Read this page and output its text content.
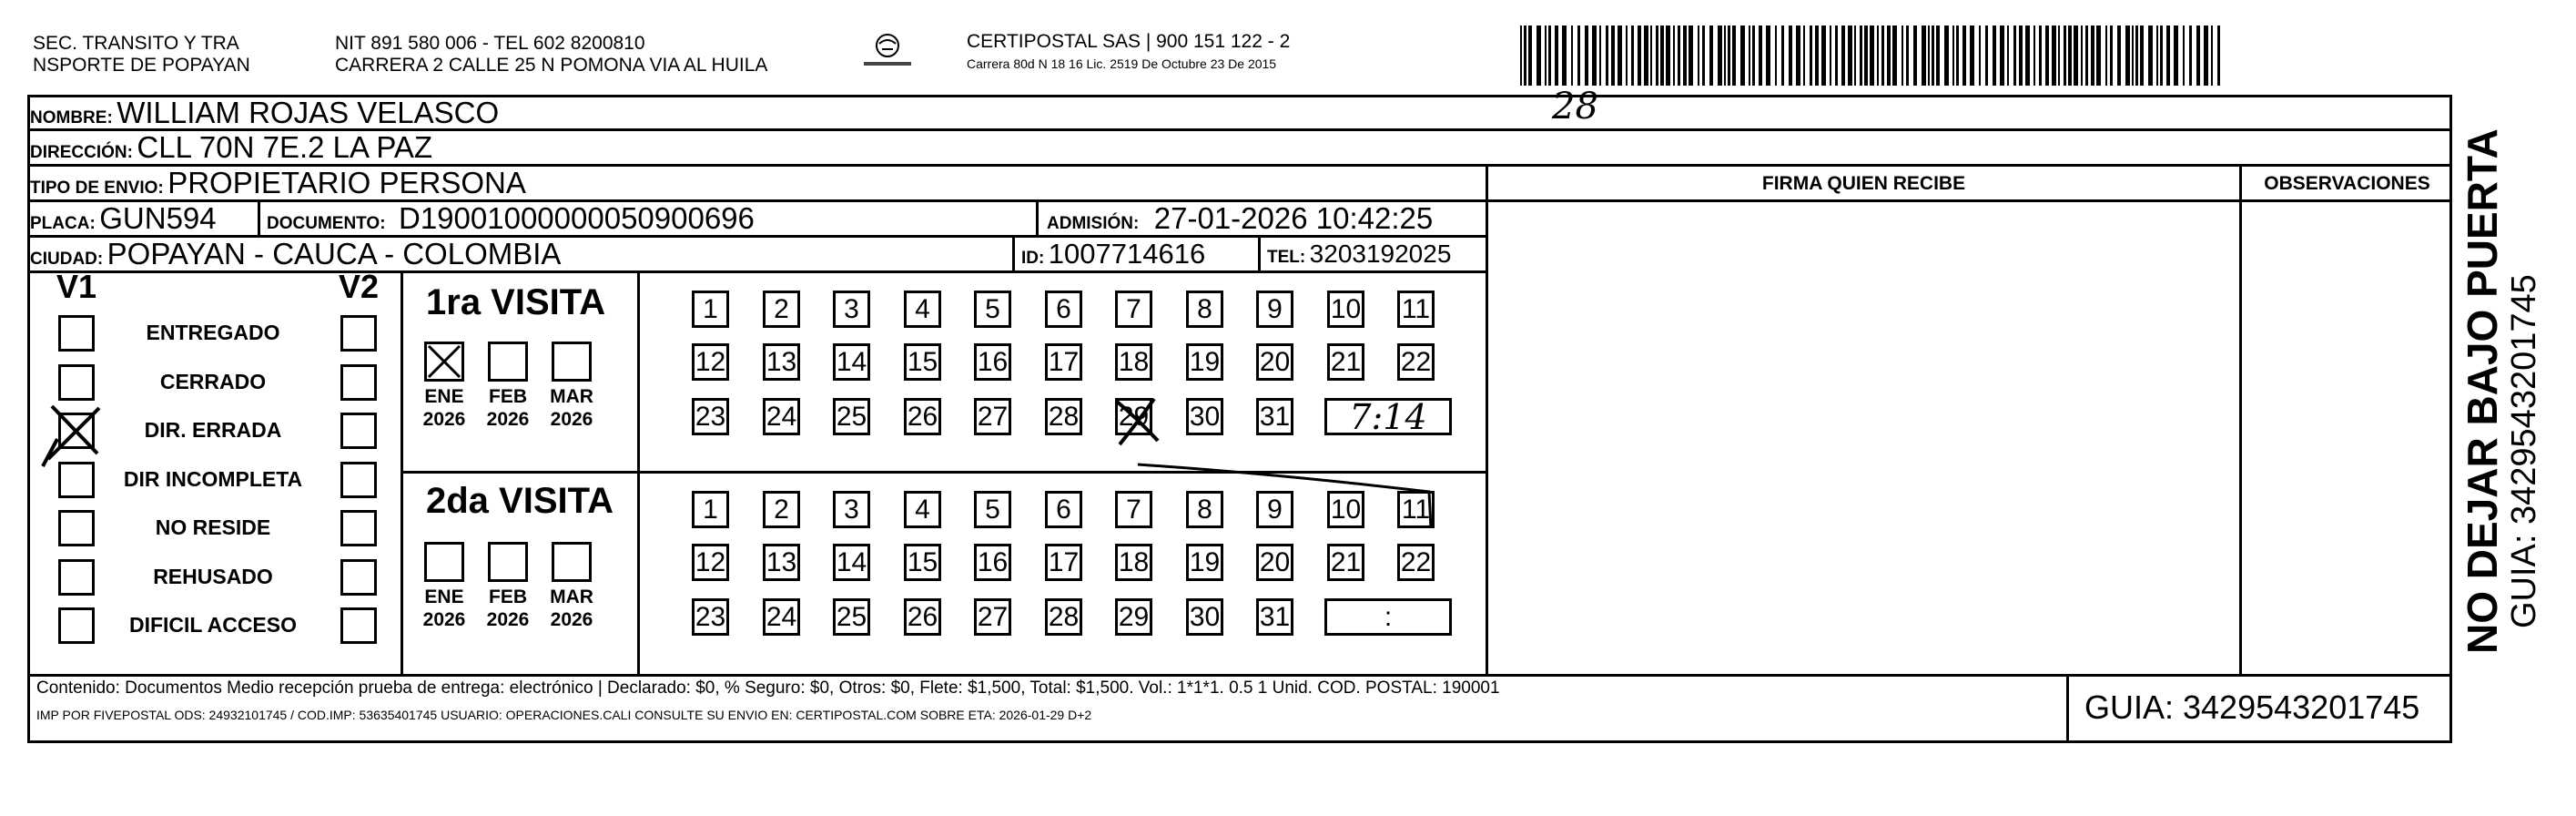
SEC. TRANSITO Y TRA
NSPORTE DE POPAYAN
NIT 891 580 006 - TEL 602 8200810
CARRERA 2 CALLE 25 N POMONA VIA AL HUILA
CERTIPOSTAL SAS | 900 151 122 - 2
Carrera 80d N 18 16 Lic. 2519 De Octubre 23 De 2015
28
NOMBRE: WILLIAM ROJAS VELASCO
DIRECCIÓN: CLL 70N 7E.2 LA PAZ
TIPO DE ENVIO: PROPIETARIO PERSONA	FIRMA QUIEN RECIBE	OBSERVACIONES
PLACA: GUN594	DOCUMENTO: D19001000000050900696	ADMISIÓN: 27-01-2026 10:42:25
CIUDAD: POPAYAN - CAUCA - COLOMBIA	ID: 1007714616	TEL: 3203192025
V1	V2
ENTREGADO
CERRADO
DIR. ERRADA
DIR INCOMPLETA
NO RESIDE
REHUSADO
DIFICIL ACCESO
1ra VISITA
2da VISITA
ENE
2026
FEB
2026
MAR
2026
1	2	3	4	5	6	7	8	9	10 11
12 13 14 15 16 17 18 19 20 21 22
23 24 25 26 27 28 29 30 31	7:14
ENE
2026
FEB
2026
MAR
2026
1	2	3	4	5	6	7	8	9	10 11
12 13 14 15 16 17 18 19 20 21 22
23 24 25 26 27 28 29 30 31	:
Contenido: Documentos Medio recepción prueba de entrega: electrónico | Declarado: $0, % Seguro: $0, Otros: $0, Flete: $1,500, Total: $1,500. Vol.: 1*1*1. 0.5 1 Unid. COD. POSTAL: 190001
IMP POR FIVEPOSTAL ODS: 24932101745 / COD.IMP: 53635401745 USUARIO: OPERACIONES.CALI CONSULTE SU ENVIO EN: CERTIPOSTAL.COM SOBRE ETA: 2026-01-29 D+2	GUIA: 3429543201745
NO DEJAR BAJO PUERTA GUIA: 3429543201745
